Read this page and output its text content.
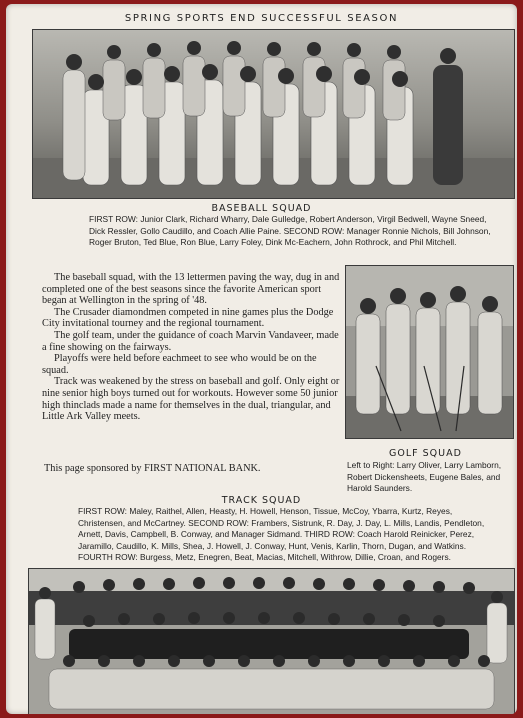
SPRING SPORTS END SUCCESSFUL SEASON
BASEBALL SQUAD
FIRST ROW: Junior Clark, Richard Wharry, Dale Gulledge, Robert Anderson, Virgil Bedwell, Wayne Sneed, Dick Ressler, Gollo Caudillo, and Coach Allie Paine. SECOND ROW: Manager Ronnie Nichols, Bill Johnson, Roger Bruton, Ted Blue, Ron Blue, Larry Foley, Dink Mc-Eachern, John Rothrock, and Phil Mitchell.

The baseball squad, with the 13 lettermen paving the way, dug in and completed one of the best seasons since the favorite American sport began at Wellington in the spring of '48.

The Crusader diamondmen competed in nine games plus the Dodge City invitational tourney and the regional tournament.

The golf team, under the guidance of coach Marvin Vandaveer, made a fine showing on the fairways.

Playoffs were held before eachmeet to see who would be on the squad.

Track was weakened by the stress on baseball and golf. Only eight or nine senior high boys turned out for workouts. However some 50 junior high thinclads made a name for themselves in the dual, triangular, and Little Ark Valley meets.

This page sponsored by FIRST NATIONAL BANK.
GOLF SQUAD
Left to Right: Larry Oliver, Larry Lamborn, Robert Dickensheets, Eugene Bales, and Harold Saunders.
TRACK SQUAD
FIRST ROW: Maley, Raithel, Allen, Heasty, H. Howell, Henson, Tissue, McCoy, Ybarra, Kurtz, Reyes, Christensen, and McCartney. SECOND ROW: Frambers, Sistrunk, R. Day, J. Day, L. Mills, Landis, Pendleton, Arnett, Davis, Campbell, B. Conway, and Manager Sidmand. THIRD ROW: Coach Harold Reinicker, Perez, Jaramillo, Caudillo, K. Mills, Shea, J. Howell, J. Conway, Hunt, Venis, Karlin, Thorn, Dugan, and Watkins. FOURTH ROW: Burgess, Metz, Enegren, Beat, Macias, Mitchell, Withrow, Dillie, Croan, and Rogers.
